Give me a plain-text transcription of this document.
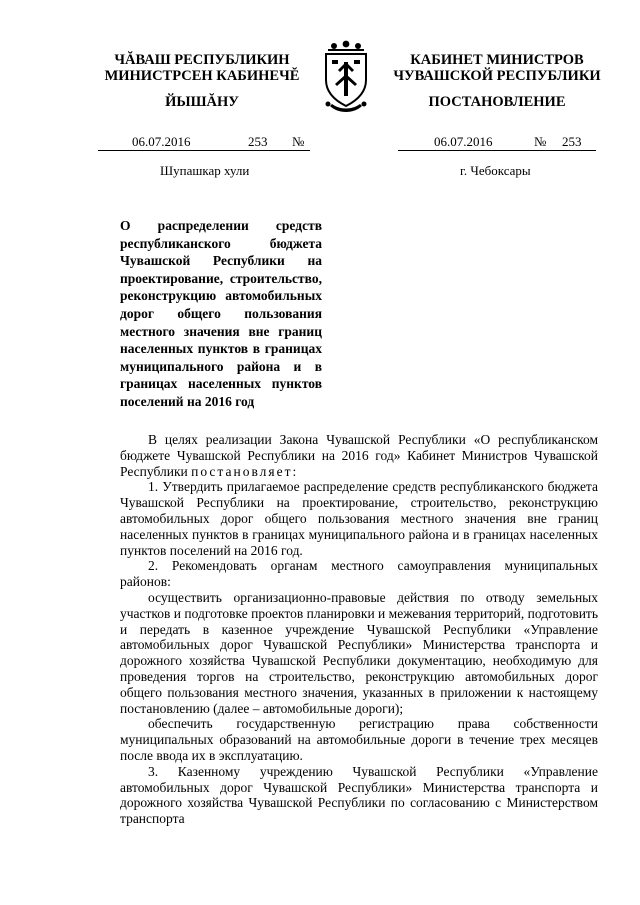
ЧĂВАШ РЕСПУБЛИКИН
МИНИСТРСЕН КАБИНЕЧĔ
КАБИНЕТ МИНИСТРОВ
ЧУВАШСКОЙ РЕСПУБЛИКИ
ЙЫШĂНУ	ПОСТАНОВЛЕНИЕ
06.07.2016	253 №	06.07.2016	№ 253
Шупашкар хули	г. Чебоксары
О распределении средств республиканского бюджета Чувашской Республики на проектирование, строительство, реконструкцию автомобильных дорог общего пользования местного значения вне границ населенных пунктов в границах муниципального района и в границах населенных пунктов поселений на 2016 год

В целях реализации Закона Чувашской Республики «О республиканском бюджете Чувашской Республики на 2016 год» Кабинет Министров Чувашской Республики постановляет:

1. Утвердить прилагаемое распределение средств республиканского бюджета Чувашской Республики на проектирование, строительство, реконструкцию автомобильных дорог общего пользования местного значения вне границ населенных пунктов в границах муниципального района и в границах населенных пунктов поселений на 2016 год.

2. Рекомендовать органам местного самоуправления муниципальных районов:

осуществить организационно-правовые действия по отводу земельных участков и подготовке проектов планировки и межевания территорий, подготовить и передать в казенное учреждение Чувашской Республики «Управление автомобильных дорог Чувашской Республики» Министерства транспорта и дорожного хозяйства Чувашской Республики документацию, необходимую для проведения торгов на строительство, реконструкцию автомобильных дорог общего пользования местного значения, указанных в приложении к настоящему постановлению (далее – автомобильные дороги);

обеспечить государственную регистрацию права собственности муниципальных образований на автомобильные дороги в течение трех месяцев после ввода их в эксплуатацию.

3. Казенному учреждению Чувашской Республики «Управление автомобильных дорог Чувашской Республики» Министерства транспорта и дорожного хозяйства Чувашской Республики по согласованию с Министерством транспорта
